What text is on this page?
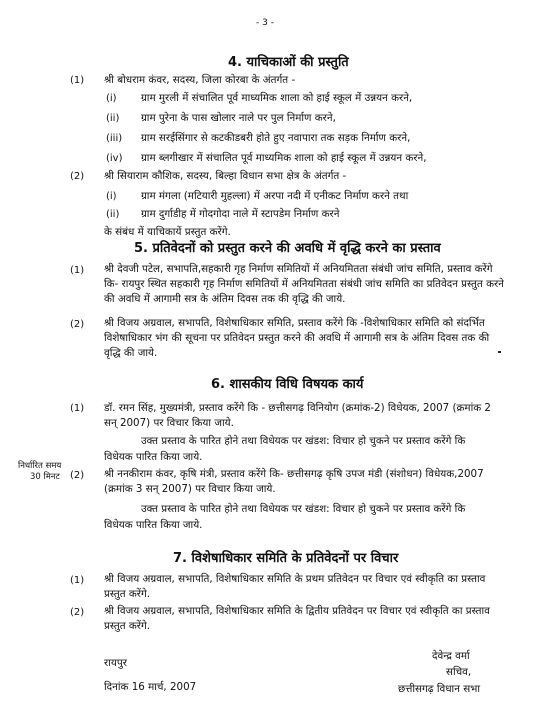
- 3 -
4. याचिकाओं की प्रस्तुति
(1) श्री बोधराम कंवर, सदस्य, जिला कोरबा के अंतर्गत -
(i) ग्राम मुरली में संचालित पूर्व माध्यमिक शाला को हाई स्कूल में उन्नयन करने,
(ii) ग्राम पुरेना के पास खोलार नाले पर पुल निर्माण करने,
(iii) ग्राम सरईसिंगार से कटकीडबरी होते हुए नवापारा तक सड़क निर्माण करने,
(iv) ग्राम ब्लगीखार में संचालित पूर्व माध्यमिक शाला को हाई स्कूल में उन्नयन करने,
(2) श्री सियाराम कौशिक, सदस्य, बिल्हा विधान सभा क्षेत्र के अंतर्गत -
(i) ग्राम मंगला (मटियारी मुहल्ला) में अरपा नदी में एनीकट निर्माण करने तथा
(ii) ग्राम दुर्गाडीह में गोदगोदा नाले में स्टापडेम निर्माण करने
के संबंध में याचिकायें प्रस्तुत करेंगे.
5. प्रतिवेदनों को प्रस्तुत करने की अवधि में वृद्धि करने का प्रस्ताव
(1) श्री देवजी पटेल, सभापति,सहकारी गृह निर्माण समितियों में अनियमितता संबंधी जांच समिति, प्रस्ताव करेंगे
कि- रायपुर स्थित सहकारी गृह निर्माण समितियों में अनियमितता संबंधी जांच समिति का प्रतिवेदन प्रस्तुत करने
की अवधि में आगामी सत्र के अंतिम दिवस तक की वृद्धि की जाये.
(2) श्री विजय अग्रवाल, सभापति, विशेषाधिकार समिति, प्रस्ताव करेंगे कि -विशेषाधिकार समिति को संदर्भित
विशेषाधिकार भंग की सूचना पर प्रतिवेदन प्रस्तुत करने की अवधि में आगामी सत्र के अंतिम दिवस तक की
वृद्धि की जाये.
6. शासकीय विधि विषयक कार्य
(1) डॉ. रमन सिंह, मुख्यमंत्री, प्रस्ताव करेंगे कि - छत्तीसगढ़ विनियोग (क्रमांक-2) विधेयक, 2007 (क्रमांक 2
सन् 2007) पर विचार किया जाये.
उक्त प्रस्ताव के पारित होने तथा विधेयक पर खंडश: विचार हो चुकने पर प्रस्ताव करेंगे कि
विधेयक पारित किया जाये.
निर्धारित समय
30 मिनट (2) श्री ननकीराम कंवर, कृषि मंत्री, प्रस्ताव करेंगे कि- छत्तीसगढ़ कृषि उपज मंडी (संशोधन) विधेयक,2007
(क्रमांक 3 सन् 2007) पर विचार किया जाये.
उक्त प्रस्ताव के पारित होने तथा विधेयक पर खंडश: विचार हो चुकने पर प्रस्ताव करेंगे कि
विधेयक पारित किया जाये.
7. विशेषाधिकार समिति के प्रतिवेदनों पर विचार
(1) श्री विजय अग्रवाल, सभापति, विशेषाधिकार समिति के प्रथम प्रतिवेदन पर विचार एवं स्वीकृति का प्रस्ताव
प्रस्तुत करेंगे.
(2) श्री विजय अग्रवाल, सभापति, विशेषाधिकार समिति के द्वितीय प्रतिवेदन पर विचार एवं स्वीकृति का प्रस्ताव
प्रस्तुत करेंगे.
रायपुर
दिनांक 16 मार्च, 2007
देवेन्द्र वर्मा
सचिव,
छत्तीसगढ़ विधान सभा
